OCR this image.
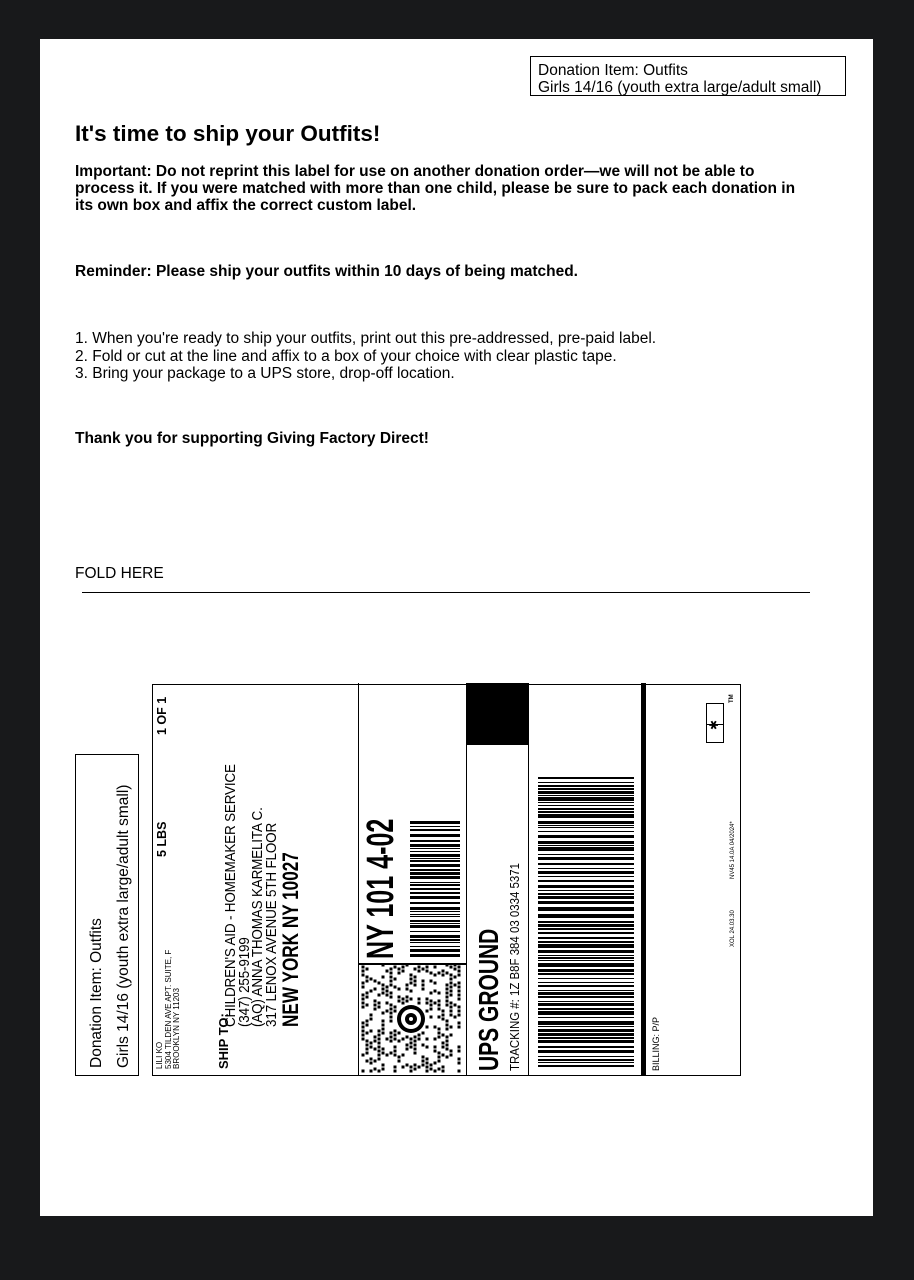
Donation Item: Outfits
Girls 14/16 (youth extra large/adult small)
It's time to ship your Outfits!
Important: Do not reprint this label for use on another donation order—we will not be able to process it. If you were matched with more than one child, please be sure to pack each donation in its own box and affix the correct custom label.
Reminder: Please ship your outfits within 10 days of being matched.
1. When you're ready to ship your outfits, print out this pre-addressed, pre-paid label.
2. Fold or cut at the line and affix to a box of your choice with clear plastic tape.
3. Bring your package to a UPS store, drop-off location.
Thank you for supporting Giving Factory Direct!
FOLD HERE
Donation Item: Outfits Girls 14/16 (youth extra large/adult small)	LILI KO 5304 TILDEN AVE APT. SUITE, F BROOKLYN NY 11203
5 LBS
1 OF 1
SHIP TO:
CHILDREN'S AID - HOMEMAKER SERVICE
(347) 255-9199
(AQ) ANNA THOMAS KARMELITA C.
317 LENOX AVENUE 5TH FLOOR
NEW YORK NY 10027 NY 101 4-02
UPS GROUND TRACKING #: 1Z B8F 384 03 0334 5371	BILLING: P/P
XOL 24.03.30
NV45 14.0A 04/2024*
✱
TM
